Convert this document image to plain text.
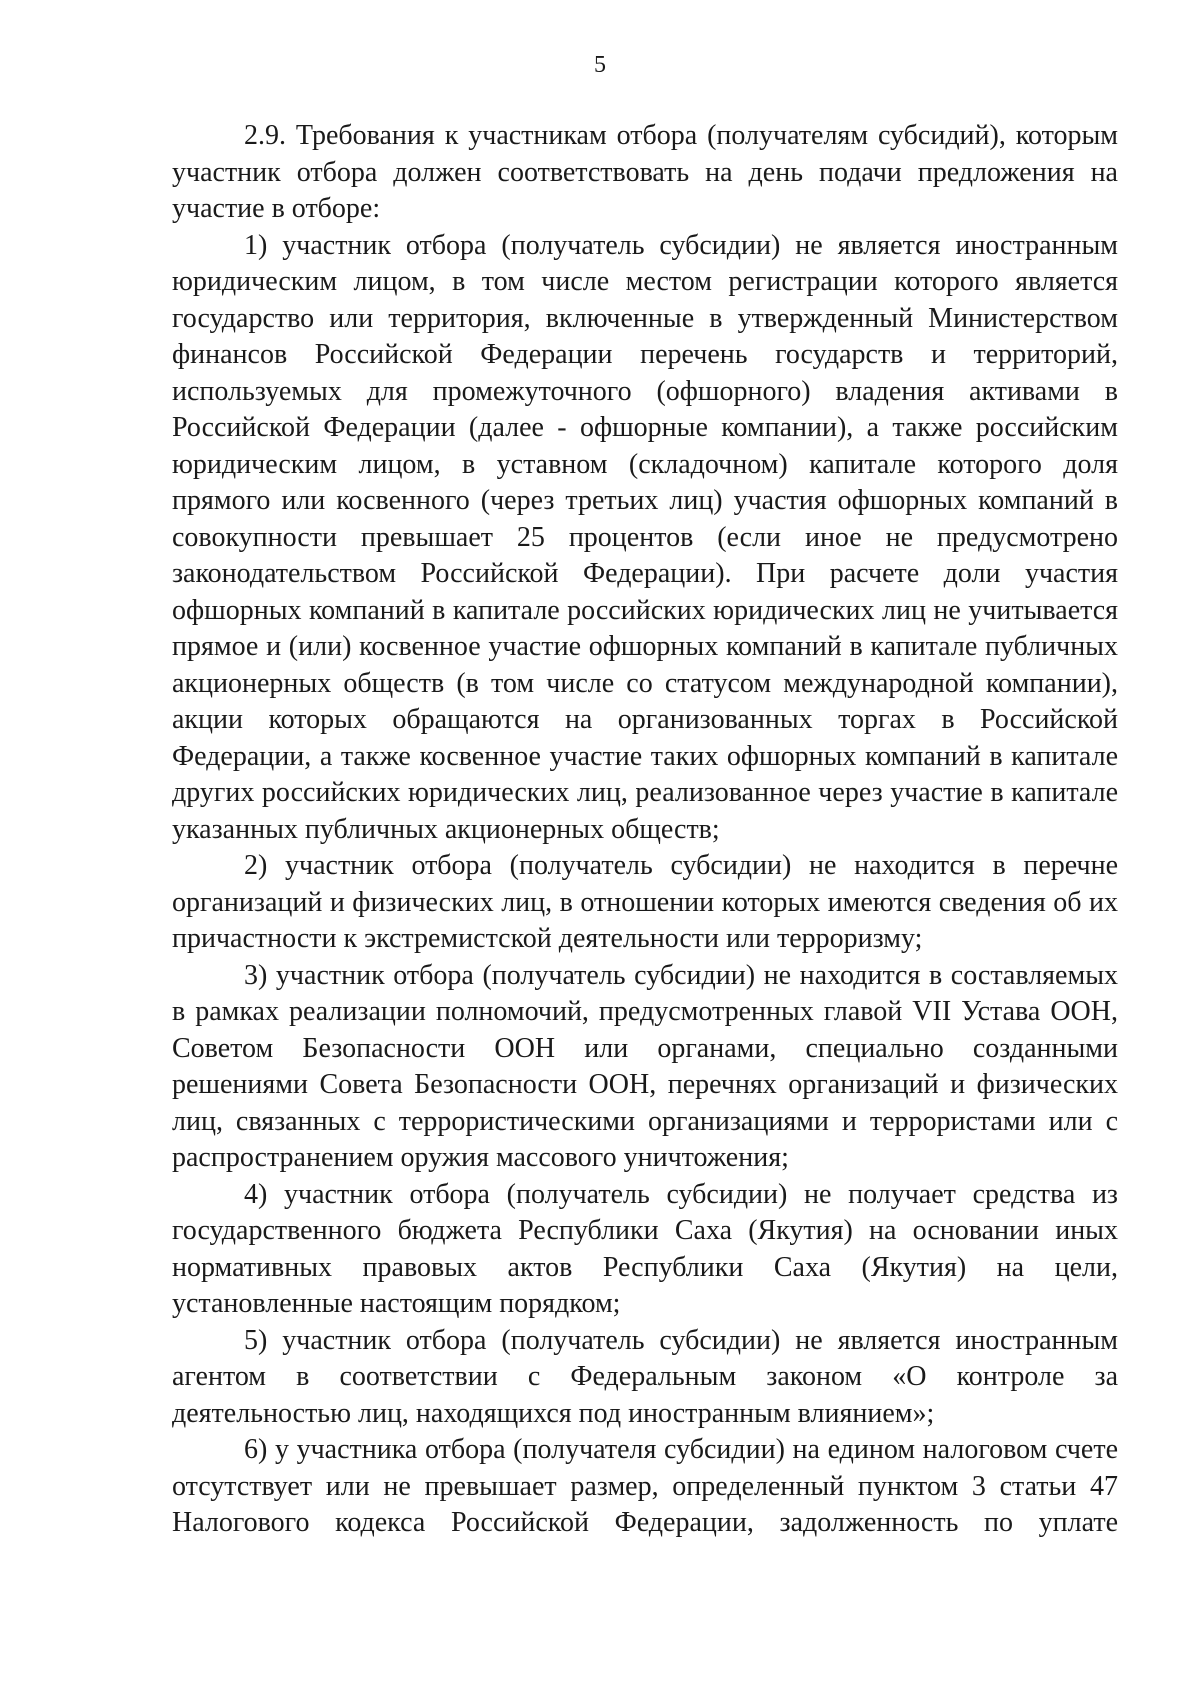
5

2.9. Требования к участникам отбора (получателям субсидий), которым участник отбора должен соответствовать на день подачи предложения на участие в отборе:

1) участник отбора (получатель субсидии) не является иностранным юридическим лицом, в том числе местом регистрации которого является государство или территория, включенные в утвержденный Министерством финансов Российской Федерации перечень государств и территорий, используемых для промежуточного (офшорного) владения активами в Российской Федерации (далее - офшорные компании), а также российским юридическим лицом, в уставном (складочном) капитале которого доля прямого или косвенного (через третьих лиц) участия офшорных компаний в совокупности превышает 25 процентов (если иное не предусмотрено законодательством Российской Федерации). При расчете доли участия офшорных компаний в капитале российских юридических лиц не учитывается прямое и (или) косвенное участие офшорных компаний в капитале публичных акционерных обществ (в том числе со статусом международной компании), акции которых обращаются на организованных торгах в Российской Федерации, а также косвенное участие таких офшорных компаний в капитале других российских юридических лиц, реализованное через участие в капитале указанных публичных акционерных обществ;

2) участник отбора (получатель субсидии) не находится в перечне организаций и физических лиц, в отношении которых имеются сведения об их причастности к экстремистской деятельности или терроризму;

3) участник отбора (получатель субсидии) не находится в составляемых в рамках реализации полномочий, предусмотренных главой VII Устава ООН, Советом Безопасности ООН или органами, специально созданными решениями Совета Безопасности ООН, перечнях организаций и физических лиц, связанных с террористическими организациями и террористами или с распространением оружия массового уничтожения;

4) участник отбора (получатель субсидии) не получает средства из государственного бюджета Республики Саха (Якутия) на основании иных нормативных правовых актов Республики Саха (Якутия) на цели, установленные настоящим порядком;

5) участник отбора (получатель субсидии) не является иностранным агентом в соответствии с Федеральным законом «О контроле за деятельностью лиц, находящихся под иностранным влиянием»;

6) у участника отбора (получателя субсидии) на едином налоговом счете отсутствует или не превышает размер, определенный пунктом 3 статьи 47 Налогового кодекса Российской Федерации, задолженность по уплате
